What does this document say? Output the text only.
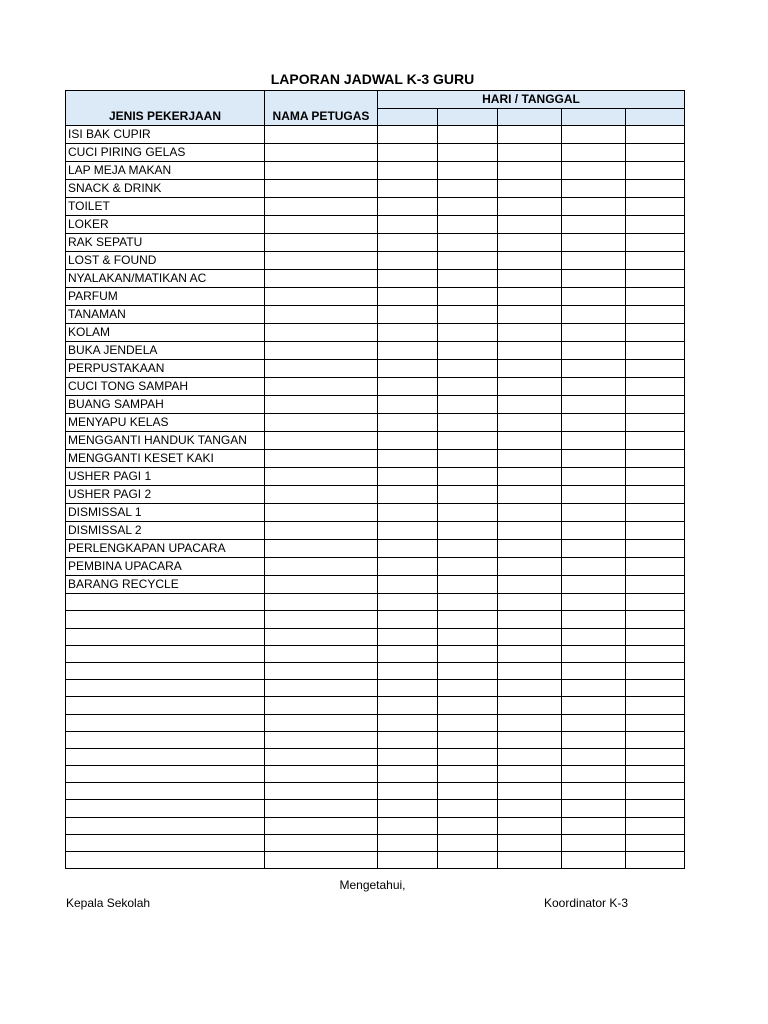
LAPORAN JADWAL K-3 GURU
JENIS PEKERJAAN	NAMA PETUGAS	HARI / TANGGAL				

ISI BAK CUPIR						
CUCI PIRING GELAS						
LAP MEJA MAKAN						
SNACK & DRINK						
TOILET						
LOKER						
RAK SEPATU						
LOST & FOUND						
NYALAKAN/MATIKAN AC						
PARFUM						
TANAMAN						
KOLAM						
BUKA JENDELA						
PERPUSTAKAAN						
CUCI TONG SAMPAH						
BUANG SAMPAH						
MENYAPU KELAS						
MENGGANTI HANDUK TANGAN						
MENGGANTI KESET KAKI						
USHER PAGI 1						
USHER PAGI 2						
DISMISSAL 1						
DISMISSAL 2						
PERLENGKAPAN UPACARA						
PEMBINA UPACARA						
BARANG RECYCLE						

Mengetahui,
Kepala Sekolah	Koordinator K-3
